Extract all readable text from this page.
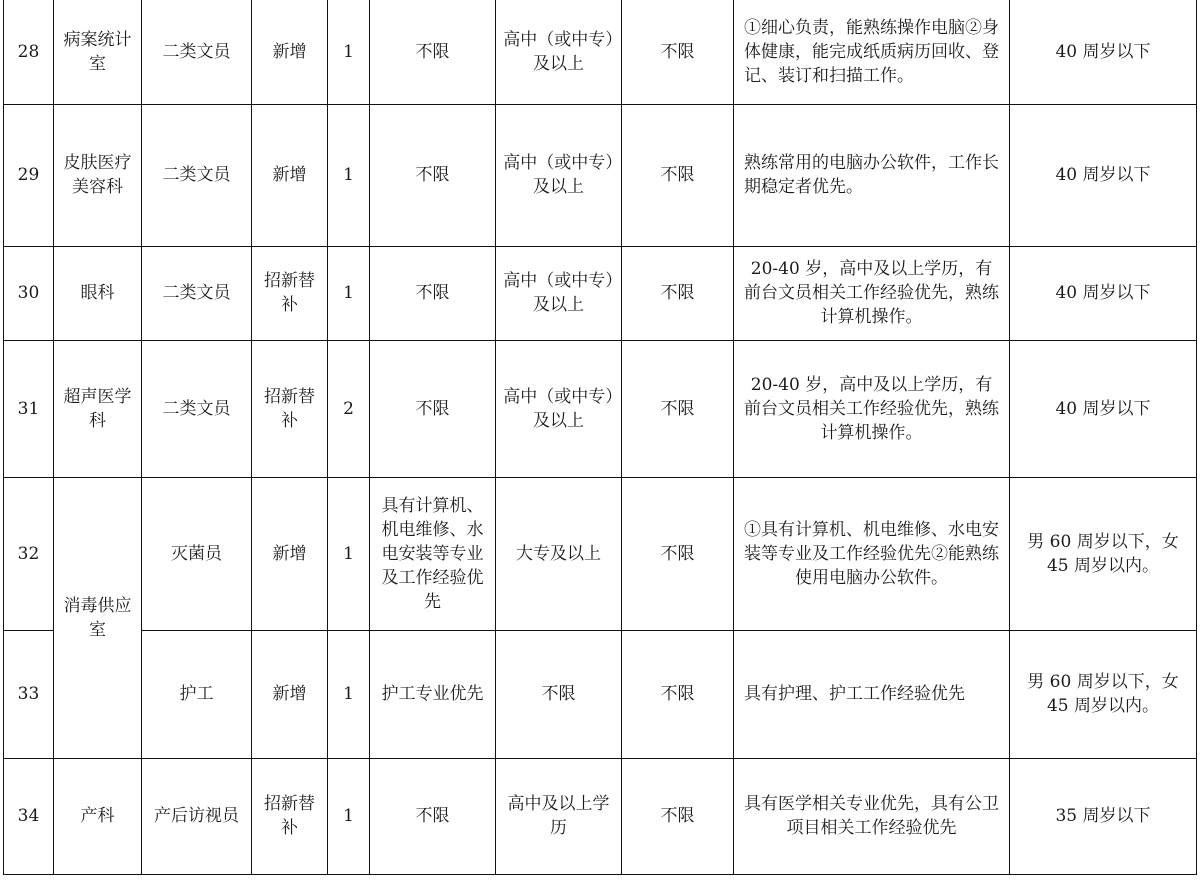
28	病案统计室	二类文员	新增	1	不限	高中（或中专）及以上	不限	①细心负责，能熟练操作电脑②身体健康，能完成纸质病历回收、登记、装订和扫描工作。	40 周岁以下
29	皮肤医疗美容科	二类文员	新增	1	不限	高中（或中专）及以上	不限	熟练常用的电脑办公软件，工作长期稳定者优先。	40 周岁以下
30	眼科	二类文员	招新替补	1	不限	高中（或中专）及以上	不限	20-40 岁，高中及以上学历，有前台文员相关工作经验优先，熟练计算机操作。	40 周岁以下
31	超声医学科	二类文员	招新替补	2	不限	高中（或中专）及以上	不限	20-40 岁，高中及以上学历，有前台文员相关工作经验优先，熟练计算机操作。	40 周岁以下
32	消毒供应室	灭菌员	新增	1	具有计算机、机电维修、水电安装等专业及工作经验优先	大专及以上	不限	①具有计算机、机电维修、水电安装等专业及工作经验优先②能熟练使用电脑办公软件。	男 60 周岁以下，女 45 周岁以内。
33		护工	新增	1	护工专业优先	不限	不限	具有护理、护工工作经验优先	男 60 周岁以下，女 45 周岁以内。
34	产科	产后访视员	招新替补	1	不限	高中及以上学历	不限	具有医学相关专业优先，具有公卫项目相关工作经验优先	35 周岁以下
